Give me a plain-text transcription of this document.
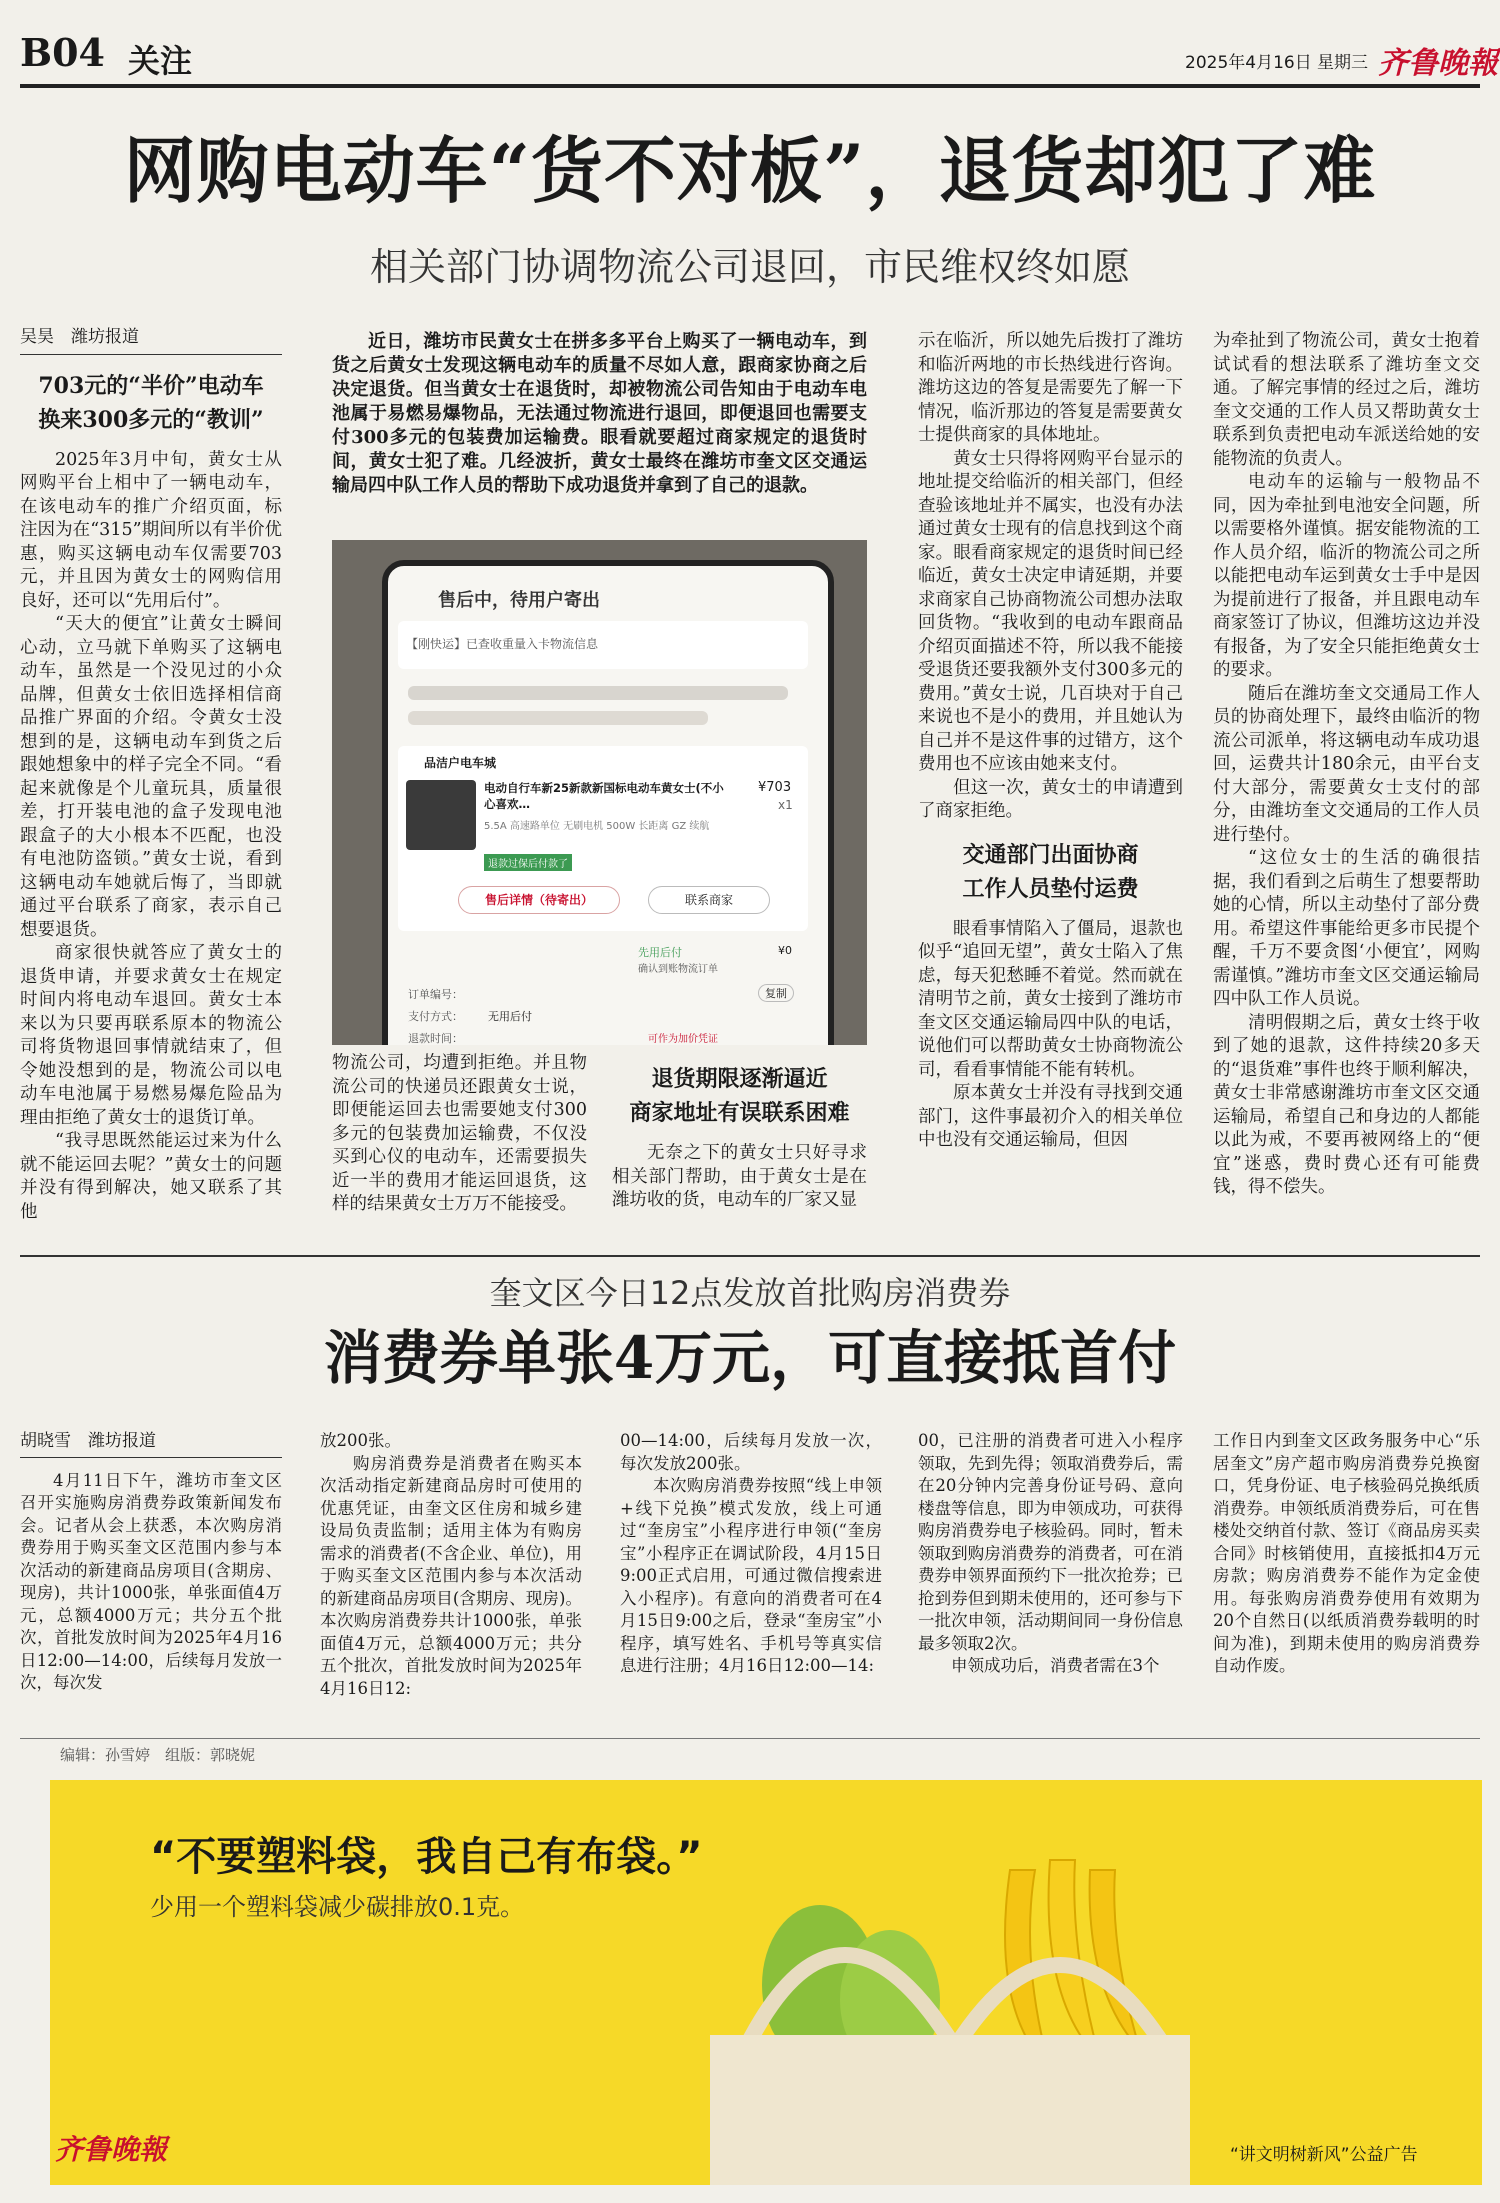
B04 关注	2025年4月16日 星期三 齐鲁晚報
网购电动车“货不对板”，退货却犯了难
相关部门协调物流公司退回，市民维权终如愿
吴昊　潍坊报道
703元的“半价”电动车
换来300多元的“教训”

2025年3月中旬，黄女士从网购平台上相中了一辆电动车，在该电动车的推广介绍页面，标注因为在“315”期间所以有半价优惠，购买这辆电动车仅需要703元，并且因为黄女士的网购信用良好，还可以“先用后付”。

“天大的便宜”让黄女士瞬间心动，立马就下单购买了这辆电动车，虽然是一个没见过的小众品牌，但黄女士依旧选择相信商品推广界面的介绍。令黄女士没想到的是，这辆电动车到货之后跟她想象中的样子完全不同。“看起来就像是个儿童玩具，质量很差，打开装电池的盒子发现电池跟盒子的大小根本不匹配，也没有电池防盗锁。”黄女士说，看到这辆电动车她就后悔了，当即就通过平台联系了商家，表示自己想要退货。

商家很快就答应了黄女士的退货申请，并要求黄女士在规定时间内将电动车退回。黄女士本来以为只要再联系原本的物流公司将货物退回事情就结束了，但令她没想到的是，物流公司以电动车电池属于易燃易爆危险品为理由拒绝了黄女士的退货订单。

“我寻思既然能运过来为什么就不能运回去呢？”黄女士的问题并没有得到解决，她又联系了其他

近日，潍坊市民黄女士在拼多多平台上购买了一辆电动车，到货之后黄女士发现这辆电动车的质量不尽如人意，跟商家协商之后决定退货。但当黄女士在退货时，却被物流公司告知由于电动车电池属于易燃易爆物品，无法通过物流进行退回，即便退回也需要支付300多元的包装费加运输费。眼看就要超过商家规定的退货时间，黄女士犯了难。几经波折，黄女士最终在潍坊市奎文区交通运输局四中队工作人员的帮助下成功退货并拿到了自己的退款。

售后中，待用户寄出
【刚快运】已查收重量入卡物流信息
品洁户电车城
电动自行车新25新款新国标电动车黄女士(不小心喜欢…
¥703
x1
5.5A 高速路单位 无刷电机 500W 长距离 GZ 续航
退款过保后付款了
售后详情（待寄出）	联系商家
先用后付	¥0
确认到账物流订单
订单编号：	复制
支付方式： 无用后付
退款时间：	可作为加价凭证

物流公司，均遭到拒绝。并且物流公司的快递员还跟黄女士说，即便能运回去也需要她支付300多元的包装费加运输费，不仅没买到心仪的电动车，还需要损失近一半的费用才能运回退货，这样的结果黄女士万万不能接受。

退货期限逐渐逼近
商家地址有误联系困难

无奈之下的黄女士只好寻求相关部门帮助，由于黄女士是在潍坊收的货，电动车的厂家又显

示在临沂，所以她先后拨打了潍坊和临沂两地的市长热线进行咨询。潍坊这边的答复是需要先了解一下情况，临沂那边的答复是需要黄女士提供商家的具体地址。

黄女士只得将网购平台显示的地址提交给临沂的相关部门，但经查验该地址并不属实，也没有办法通过黄女士现有的信息找到这个商家。眼看商家规定的退货时间已经临近，黄女士决定申请延期，并要求商家自己协商物流公司想办法取回货物。“我收到的电动车跟商品介绍页面描述不符，所以我不能接受退货还要我额外支付300多元的费用。”黄女士说，几百块对于自己来说也不是小的费用，并且她认为自己并不是这件事的过错方，这个费用也不应该由她来支付。

但这一次，黄女士的申请遭到了商家拒绝。

交通部门出面协商
工作人员垫付运费

眼看事情陷入了僵局，退款也似乎“追回无望”，黄女士陷入了焦虑，每天犯愁睡不着觉。然而就在清明节之前，黄女士接到了潍坊市奎文区交通运输局四中队的电话，说他们可以帮助黄女士协商物流公司，看看事情能不能有转机。

原本黄女士并没有寻找到交通部门，这件事最初介入的相关单位中也没有交通运输局，但因

为牵扯到了物流公司，黄女士抱着试试看的想法联系了潍坊奎文交通。了解完事情的经过之后，潍坊奎文交通的工作人员又帮助黄女士联系到负责把电动车派送给她的安能物流的负责人。

电动车的运输与一般物品不同，因为牵扯到电池安全问题，所以需要格外谨慎。据安能物流的工作人员介绍，临沂的物流公司之所以能把电动车运到黄女士手中是因为提前进行了报备，并且跟电动车商家签订了协议，但潍坊这边并没有报备，为了安全只能拒绝黄女士的要求。

随后在潍坊奎文交通局工作人员的协商处理下，最终由临沂的物流公司派单，将这辆电动车成功退回，运费共计180余元，由平台支付大部分，需要黄女士支付的部分，由潍坊奎文交通局的工作人员进行垫付。

“这位女士的生活的确很拮据，我们看到之后萌生了想要帮助她的心情，所以主动垫付了部分费用。希望这件事能给更多市民提个醒，千万不要贪图‘小便宜’，网购需谨慎。”潍坊市奎文区交通运输局四中队工作人员说。

清明假期之后，黄女士终于收到了她的退款，这件持续20多天的“退货难”事件也终于顺利解决，黄女士非常感谢潍坊市奎文区交通运输局，希望自己和身边的人都能以此为戒，不要再被网络上的“便宜”迷惑，费时费心还有可能费钱，得不偿失。

奎文区今日12点发放首批购房消费券
消费券单张4万元，可直接抵首付
胡晓雪　潍坊报道

4月11日下午，潍坊市奎文区召开实施购房消费券政策新闻发布会。记者从会上获悉，本次购房消费券用于购买奎文区范围内参与本次活动的新建商品房项目(含期房、现房)，共计1000张，单张面值4万元，总额4000万元；共分五个批次，首批发放时间为2025年4月16日12:00—14:00，后续每月发放一次，每次发

放200张。

购房消费券是消费者在购买本次活动指定新建商品房时可使用的优惠凭证，由奎文区住房和城乡建设局负责监制；适用主体为有购房需求的消费者(不含企业、单位)，用于购买奎文区范围内参与本次活动的新建商品房项目(含期房、现房)。本次购房消费券共计1000张，单张面值4万元，总额4000万元；共分五个批次，首批发放时间为2025年4月16日12:

00—14:00，后续每月发放一次，每次发放200张。

本次购房消费券按照“线上申领+线下兑换”模式发放，线上可通过“奎房宝”小程序进行申领(“奎房宝”小程序正在调试阶段，4月15日9:00正式启用，可通过微信搜索进入小程序)。有意向的消费者可在4月15日9:00之后，登录“奎房宝”小程序，填写姓名、手机号等真实信息进行注册；4月16日12:00—14:

00，已注册的消费者可进入小程序领取，先到先得；领取消费券后，需在20分钟内完善身份证号码、意向楼盘等信息，即为申领成功，可获得购房消费券电子核验码。同时，暂未领取到购房消费券的消费者，可在消费券申领界面预约下一批次抢券；已抢到券但到期未使用的，还可参与下一批次申领，活动期间同一身份信息最多领取2次。

申领成功后，消费者需在3个

工作日内到奎文区政务服务中心“乐居奎文”房产超市购房消费券兑换窗口，凭身份证、电子核验码兑换纸质消费券。申领纸质消费券后，可在售楼处交纳首付款、签订《商品房买卖合同》时核销使用，直接抵扣4万元房款；购房消费券不能作为定金使用。每张购房消费券使用有效期为20个自然日(以纸质消费券载明的时间为准)，到期未使用的购房消费券自动作废。

编辑：孙雪婷　组版：郭晓妮
“不要塑料袋，我自己有布袋。”
少用一个塑料袋减少碳排放0.1克。
齐鲁晚報	“讲文明树新风”公益广告
